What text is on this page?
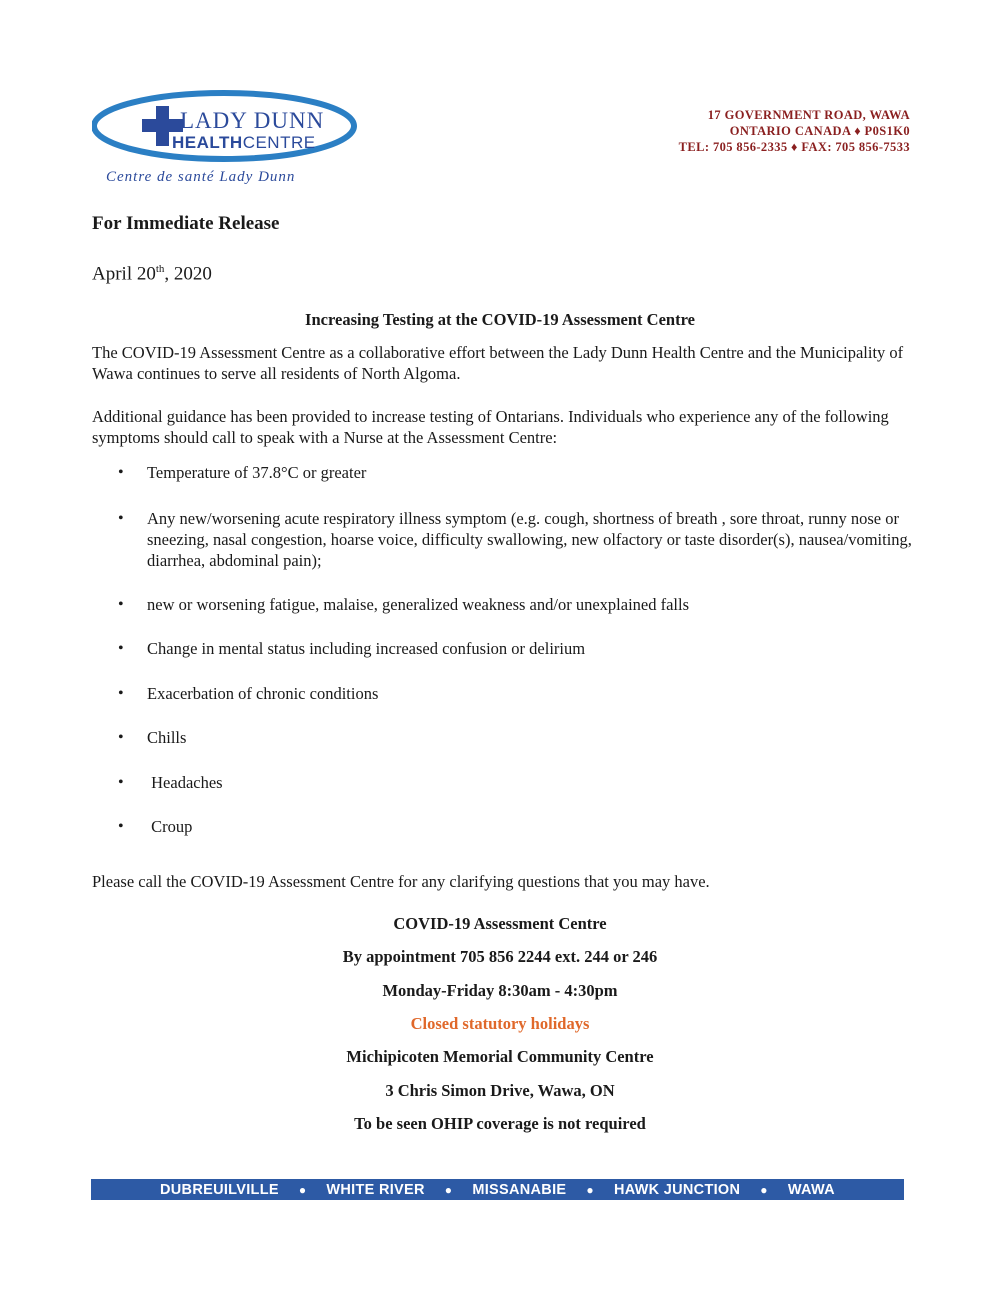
LADY DUNN
HEALTHCENTRE
Centre de santé Lady Dunn
17 GOVERNMENT ROAD, WAWA
ONTARIO CANADA ♦ P0S1K0
TEL: 705 856-2335 ♦ FAX: 705 856-7533
For Immediate Release
April 20th, 2020
Increasing Testing at the COVID-19 Assessment Centre
The COVID-19 Assessment Centre as a collaborative effort between the Lady Dunn Health Centre and the Municipality of Wawa continues to serve all residents of North Algoma.
Additional guidance has been provided to increase testing of Ontarians. Individuals who experience any of the following symptoms should call to speak with a Nurse at the Assessment Centre:
• Temperature of 37.8°C or greater
• Any new/worsening acute respiratory illness symptom (e.g. cough, shortness of breath , sore throat, runny nose or sneezing, nasal congestion, hoarse voice, difficulty swallowing, new olfactory or taste disorder(s), nausea/vomiting, diarrhea, abdominal pain);
• new or worsening fatigue, malaise, generalized weakness and/or unexplained falls
• Change in mental status including increased confusion or delirium
• Exacerbation of chronic conditions
• Chills
• Headaches
• Croup
Please call the COVID-19 Assessment Centre for any clarifying questions that you may have.
COVID-19 Assessment Centre
By appointment 705 856 2244 ext. 244 or 246
Monday-Friday 8:30am - 4:30pm
Closed statutory holidays
Michipicoten Memorial Community Centre
3 Chris Simon Drive, Wawa, ON
To be seen OHIP coverage is not required
DUBREUILVILLE	●	WHITE RIVER	●	MISSANABIE	●	HAWK JUNCTION	●	WAWA
